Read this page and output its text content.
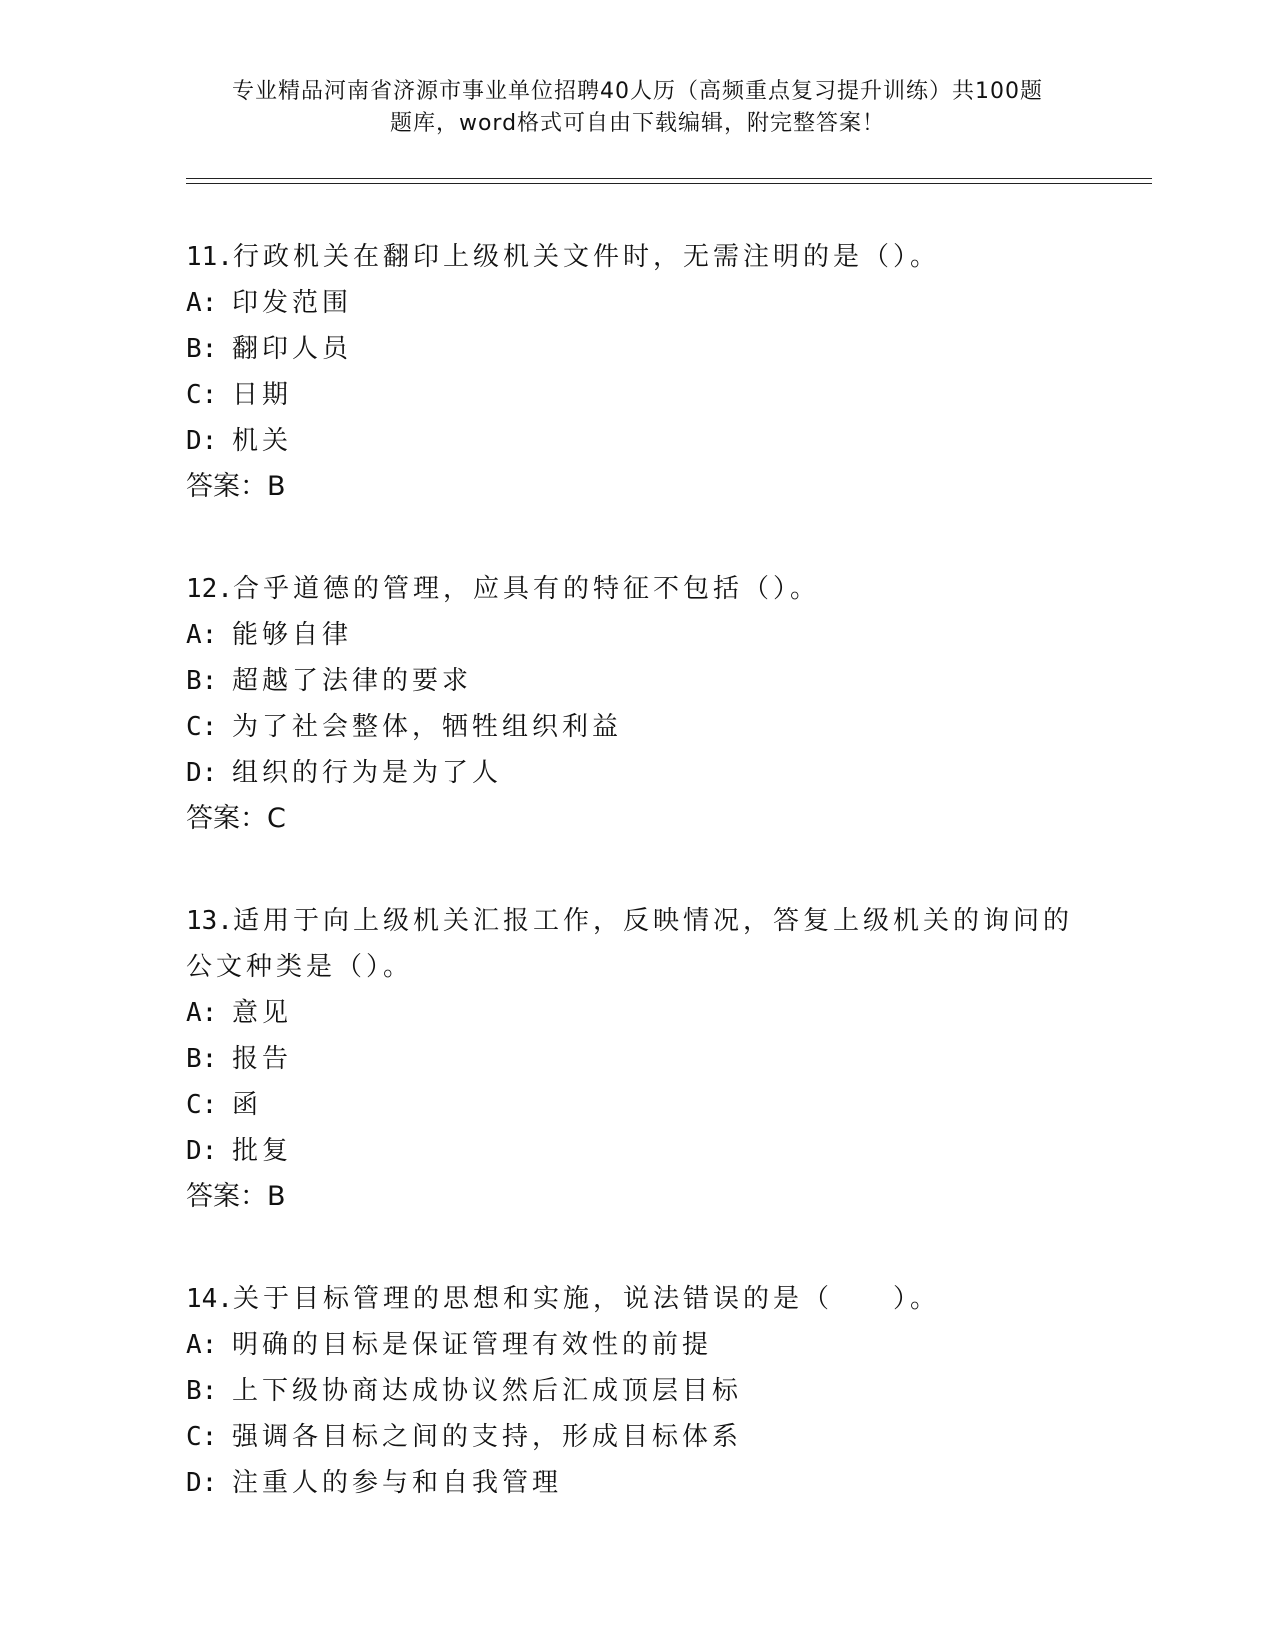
专业精品河南省济源市事业单位招聘40人历（高频重点复习提升训练）共100题
题库，word格式可自由下载编辑，附完整答案！
11.行政机关在翻印上级机关文件时，无需注明的是（）。
A: 印发范围
B: 翻印人员
C: 日期
D: 机关
答案：B
12.合乎道德的管理，应具有的特征不包括（）。
A: 能够自律
B: 超越了法律的要求
C: 为了社会整体，牺牲组织利益
D: 组织的行为是为了人
答案：C
13.适用于向上级机关汇报工作，反映情况，答复上级机关的询问的公文种类是（）。
A: 意见
B: 报告
C: 函
D: 批复
答案：B
14.关于目标管理的思想和实施，说法错误的是（　　）。
A: 明确的目标是保证管理有效性的前提
B: 上下级协商达成协议然后汇成顶层目标
C: 强调各目标之间的支持，形成目标体系
D: 注重人的参与和自我管理
